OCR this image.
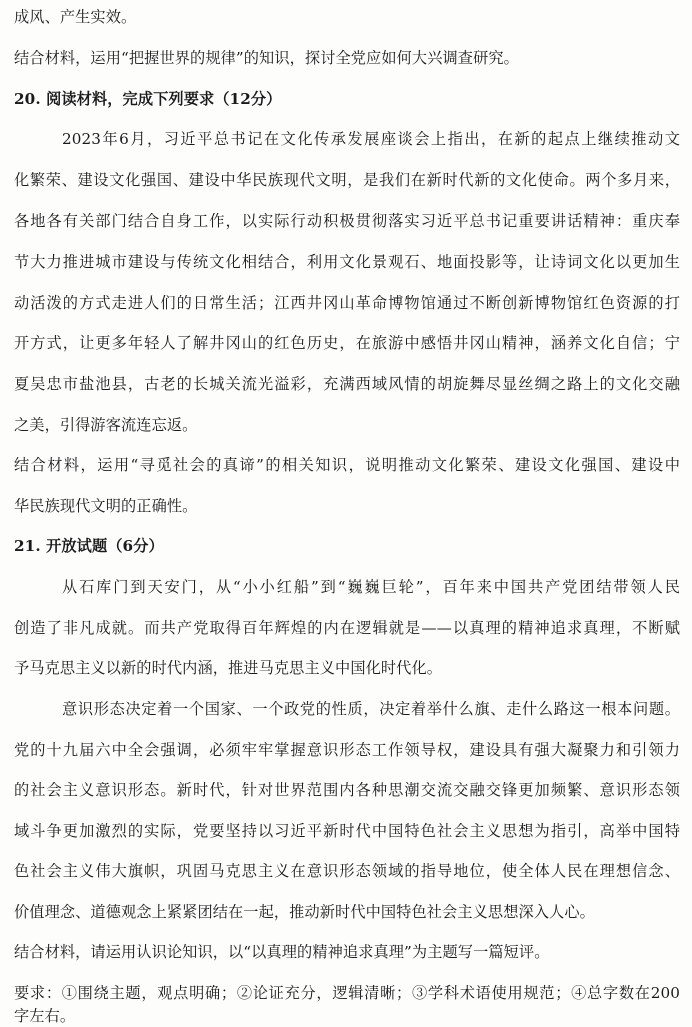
成风、产生实效。
结合材料，运用“把握世界的规律”的知识，探讨全党应如何大兴调查研究。
20. 阅读材料，完成下列要求（12分）
2023年6月，习近平总书记在文化传承发展座谈会上指出，在新的起点上继续推动文
化繁荣、建设文化强国、建设中华民族现代文明，是我们在新时代新的文化使命。两个多月来，
各地各有关部门结合自身工作，以实际行动积极贯彻落实习近平总书记重要讲话精神：重庆奉
节大力推进城市建设与传统文化相结合，利用文化景观石、地面投影等，让诗词文化以更加生
动活泼的方式走进人们的日常生活；江西井冈山革命博物馆通过不断创新博物馆红色资源的打
开方式，让更多年轻人了解井冈山的红色历史，在旅游中感悟井冈山精神，涵养文化自信；宁
夏吴忠市盐池县，古老的长城关流光溢彩，充满西域风情的胡旋舞尽显丝绸之路上的文化交融
之美，引得游客流连忘返。
结合材料，运用“寻觅社会的真谛”的相关知识，说明推动文化繁荣、建设文化强国、建设中
华民族现代文明的正确性。
21. 开放试题（6分）
从石库门到天安门，从“小小红船”到“巍巍巨轮”，百年来中国共产党团结带领人民
创造了非凡成就。而共产党取得百年辉煌的内在逻辑就是——以真理的精神追求真理，不断赋
予马克思主义以新的时代内涵，推进马克思主义中国化时代化。
意识形态决定着一个国家、一个政党的性质，决定着举什么旗、走什么路这一根本问题。
党的十九届六中全会强调，必须牢牢掌握意识形态工作领导权，建设具有强大凝聚力和引领力
的社会主义意识形态。新时代，针对世界范围内各种思潮交流交融交锋更加频繁、意识形态领
域斗争更加激烈的实际，党要坚持以习近平新时代中国特色社会主义思想为指引，高举中国特
色社会主义伟大旗帜，巩固马克思主义在意识形态领域的指导地位，使全体人民在理想信念、
价值理念、道德观念上紧紧团结在一起，推动新时代中国特色社会主义思想深入人心。
结合材料，请运用认识论知识，以“以真理的精神追求真理”为主题写一篇短评。
要求：①围绕主题，观点明确；②论证充分，逻辑清晰；③学科术语使用规范；④总字数在200
字左右。
